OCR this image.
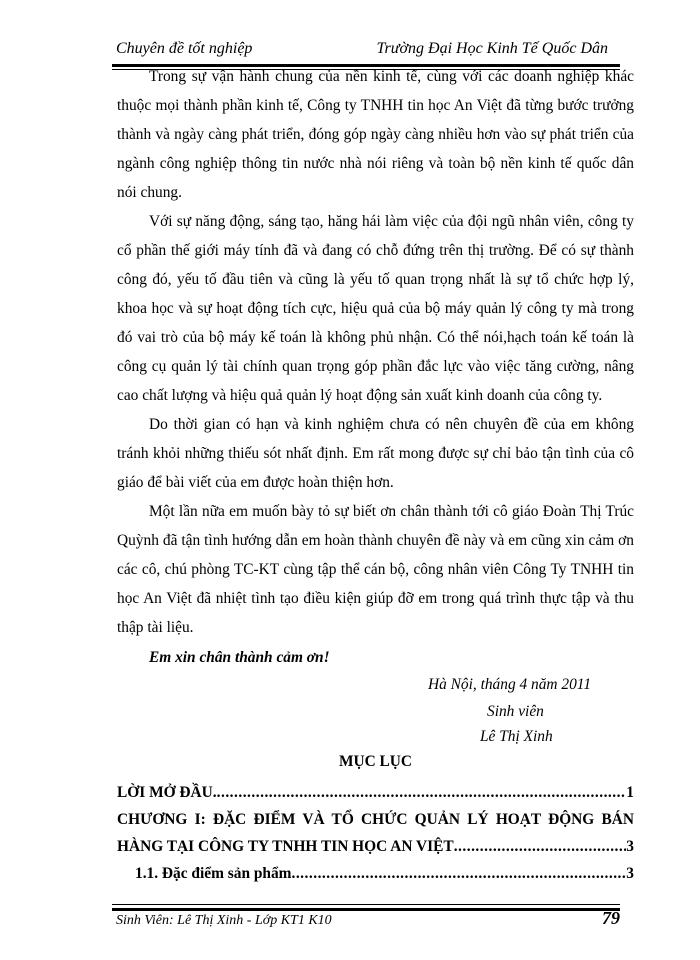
Chuyên đề tốt nghiệp	Trường Đại Học Kinh Tế Quốc Dân

Trong sự vận hành chung của nền kinh tế, cùng với các doanh nghiệp khác thuộc mọi thành phần kinh tế, Công ty TNHH tin học An Việt đã từng bước trưởng thành và ngày càng phát triển, đóng góp ngày càng nhiều hơn vào sự phát triển của ngành công nghiệp thông tin nước nhà nói riêng và toàn bộ nền kinh tế quốc dân nói chung.

Với sự năng động, sáng tạo, hăng hái làm việc của đội ngũ nhân viên, công ty cổ phần thế giới máy tính đã và đang có chỗ đứng trên thị trường. Để có sự thành công đó, yếu tố đầu tiên và cũng là yếu tố quan trọng nhất là sự tổ chức hợp lý, khoa học và sự hoạt động tích cực, hiệu quả của bộ máy quản lý công ty mà trong đó vai trò của bộ máy kế toán là không phủ nhận. Có thể nói,hạch toán kế toán là công cụ quản lý tài chính quan trọng góp phần đắc lực vào việc tăng cường, nâng cao chất lượng và hiệu quả quản lý hoạt động sản xuất kinh doanh của công ty.

Do thời gian có hạn và kinh nghiệm chưa có nên chuyên đề của em không tránh khỏi những thiếu sót nhất định. Em rất mong được sự chỉ bảo tận tình của cô giáo để bài viết của em được hoàn thiện hơn.

Một lần nữa em muốn bày tỏ sự biết ơn chân thành tới cô giáo Đoàn Thị Trúc Quỳnh đã tận tình hướng dẫn em hoàn thành chuyên đề này và em cũng xin cảm ơn các cô, chú phòng TC-KT cùng tập thể cán bộ, công nhân viên Công Ty TNHH tin học An Việt đã nhiệt tình tạo điều kiện giúp đỡ em trong quá trình thực tập và thu thập tài liệu.

Em xin chân thành cảm ơn!
Hà Nội, tháng 4 năm 2011
Sinh viên
Lê Thị Xinh
MỤC LỤC
LỜI MỞ ĐẦU. .....	1
CHƯƠNG I: ĐẶC ĐIỂM VÀ TỔ CHỨC QUẢN LÝ HOẠT ĐỘNG BÁN
HÀNG TẠI CÔNG TY TNHH TIN HỌC AN VIỆT .....	3
1.1. Đặc điểm sản phẩm .....	3
Sinh Viên: Lê Thị Xinh - Lớp KT1 K10	79
